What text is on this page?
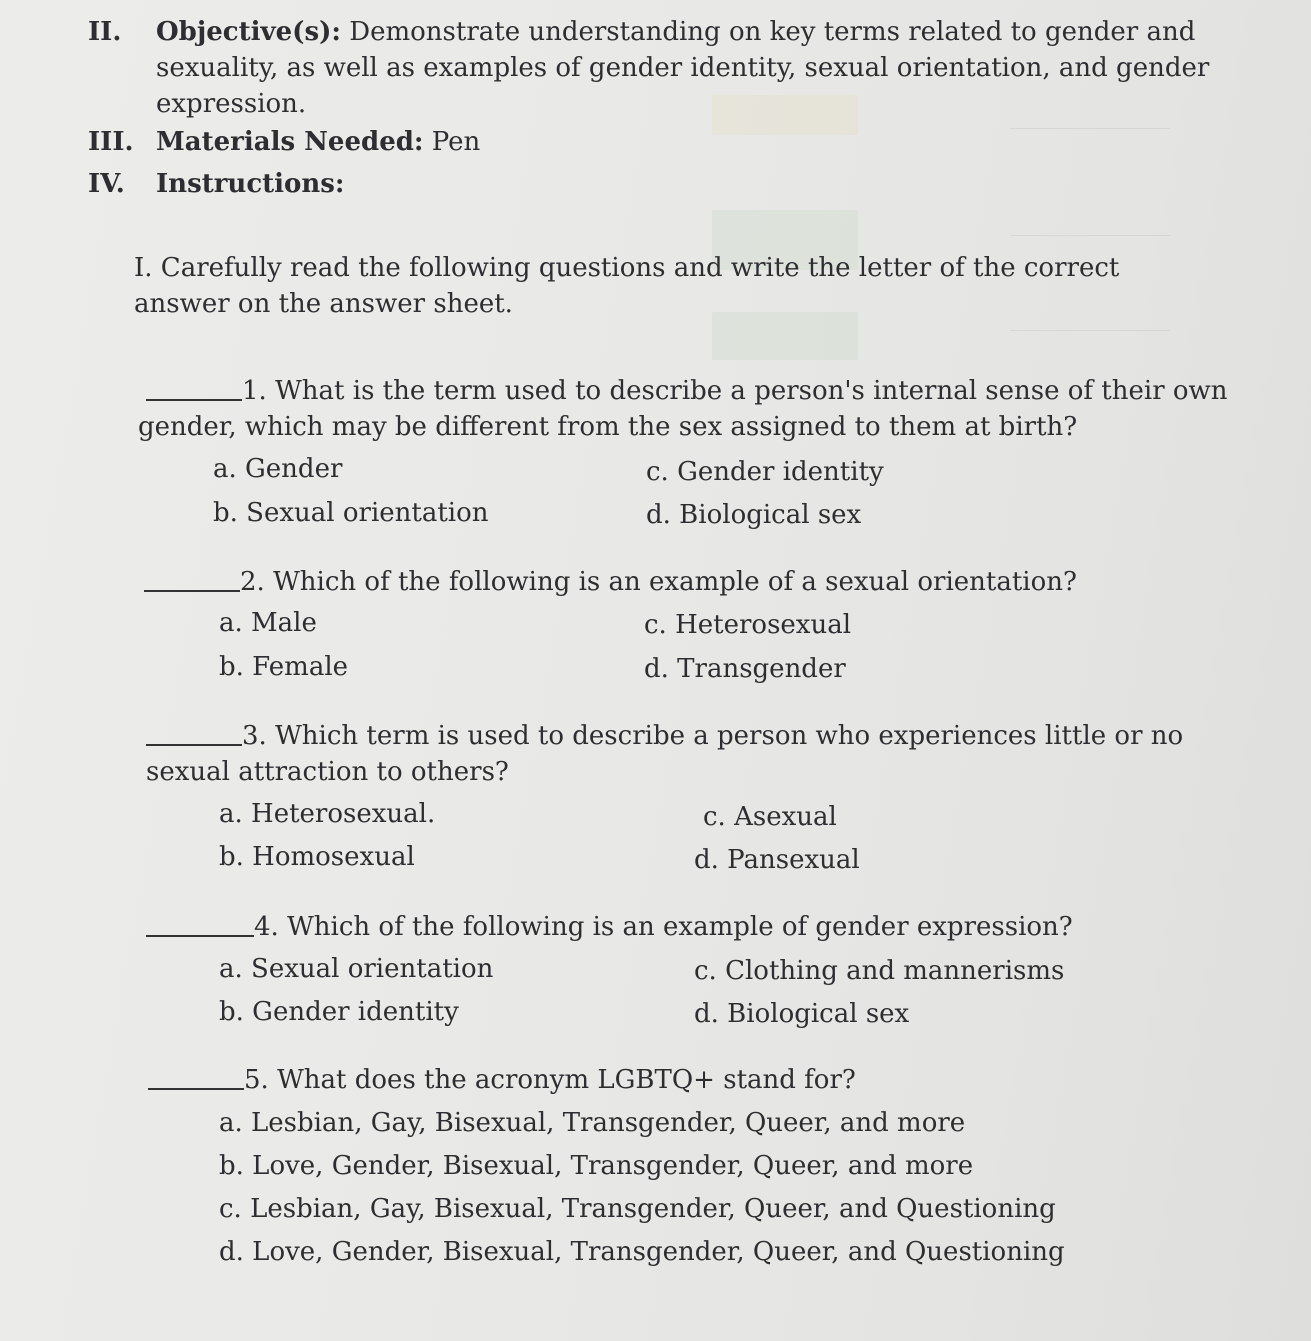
II. Objective(s): Demonstrate understanding on key terms related to gender and sexuality, as well as examples of gender identity, sexual orientation, and gender expression.
III. Materials Needed: Pen
IV. Instructions:
I. Carefully read the following questions and write the letter of the correct answer on the answer sheet.
1. What is the term used to describe a person's internal sense of their own gender, which may be different from the sex assigned to them at birth?
a. Gender
b. Sexual orientation
c. Gender identity
d. Biological sex
2. Which of the following is an example of a sexual orientation?
a. Male
b. Female
c. Heterosexual
d. Transgender
3. Which term is used to describe a person who experiences little or no sexual attraction to others?
a. Heterosexual.
b. Homosexual
c. Asexual
d. Pansexual
4. Which of the following is an example of gender expression?
a. Sexual orientation
b. Gender identity
c. Clothing and mannerisms
d. Biological sex
5. What does the acronym LGBTQ+ stand for?
a. Lesbian, Gay, Bisexual, Transgender, Queer, and more
b. Love, Gender, Bisexual, Transgender, Queer, and more
c. Lesbian, Gay, Bisexual, Transgender, Queer, and Questioning
d. Love, Gender, Bisexual, Transgender, Queer, and Questioning
